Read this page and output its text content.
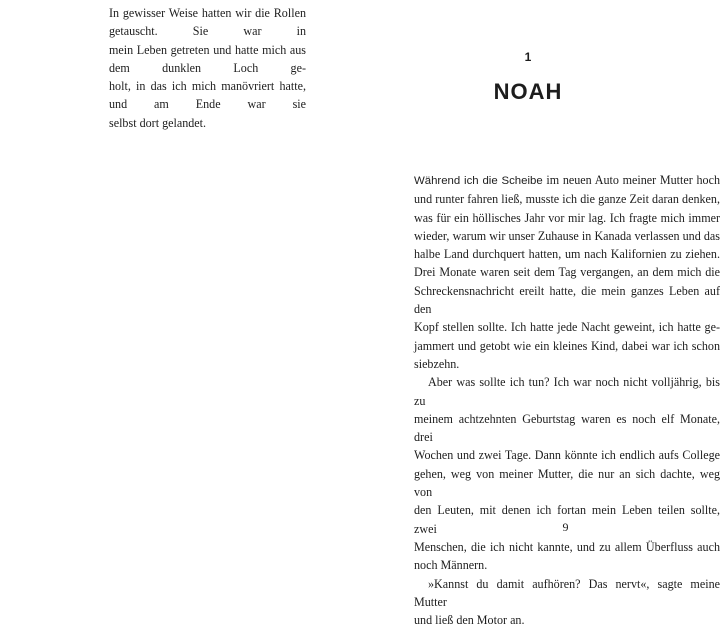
In gewisser Weise hatten wir die Rollen getauscht. Sie war in
mein Leben getreten und hatte mich aus dem dunklen Loch ge-
holt, in das ich mich manövriert hatte, und am Ende war sie
selbst dort gelandet.
1
NOAH
Während ich die Scheibe im neuen Auto meiner Mutter hoch
und runter fahren ließ, musste ich die ganze Zeit daran denken,
was für ein höllisches Jahr vor mir lag. Ich fragte mich immer
wieder, warum wir unser Zuhause in Kanada verlassen und das
halbe Land durchquert hatten, um nach Kalifornien zu ziehen.
Drei Monate waren seit dem Tag vergangen, an dem mich die
Schreckensnachricht ereilt hatte, die mein ganzes Leben auf den
Kopf stellen sollte. Ich hatte jede Nacht geweint, ich hatte ge-
jammert und getobt wie ein kleines Kind, dabei war ich schon
siebzehn.
Aber was sollte ich tun? Ich war noch nicht volljährig, bis zu
meinem achtzehnten Geburtstag waren es noch elf Monate, drei
Wochen und zwei Tage. Dann könnte ich endlich aufs College
gehen, weg von meiner Mutter, die nur an sich dachte, weg von
den Leuten, mit denen ich fortan mein Leben teilen sollte, zwei
Menschen, die ich nicht kannte, und zu allem Überfluss auch
noch Männern.
»Kannst du damit aufhören? Das nervt«, sagte meine Mutter
und ließ den Motor an.
9
